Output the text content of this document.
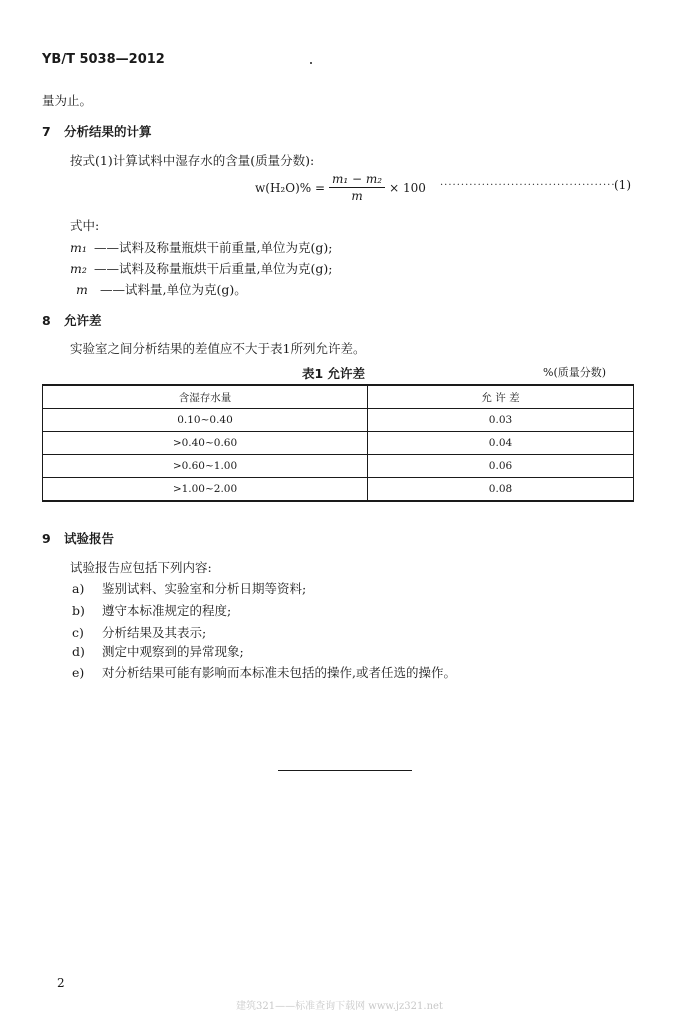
YB/T 5038—2012
量为止。
7 分析结果的计算
按式(1)计算试料中湿存水的含量(质量分数):
$w(H_2O)\% = \frac{\text{m₁ − m₂}}{m} \times 100$ ··········································
(1)
式中:
m₁ ——试料及称量瓶烘干前重量,单位为克(g);
m₂ ——试料及称量瓶烘干后重量,单位为克(g);
m ——试料量,单位为克(g)。
8 允许差
实验室之间分析结果的差值应不大于表1所列允许差。
表1 允许差	%(质量分数)
含湿存水量	允 许 差
0.10~0.40	0.03
>0.40~0.60	0.04
>0.60~1.00	0.06
>1.00~2.00	0.08
9 试验报告
试验报告应包括下列内容:
a) 鉴别试料、实验室和分析日期等资料;
b) 遵守本标准规定的程度;
c) 分析结果及其表示;
d) 测定中观察到的异常现象;
e) 对分析结果可能有影响而本标准未包括的操作,或者任选的操作。
2
建筑321——标准查询下载网 www.jz321.net
